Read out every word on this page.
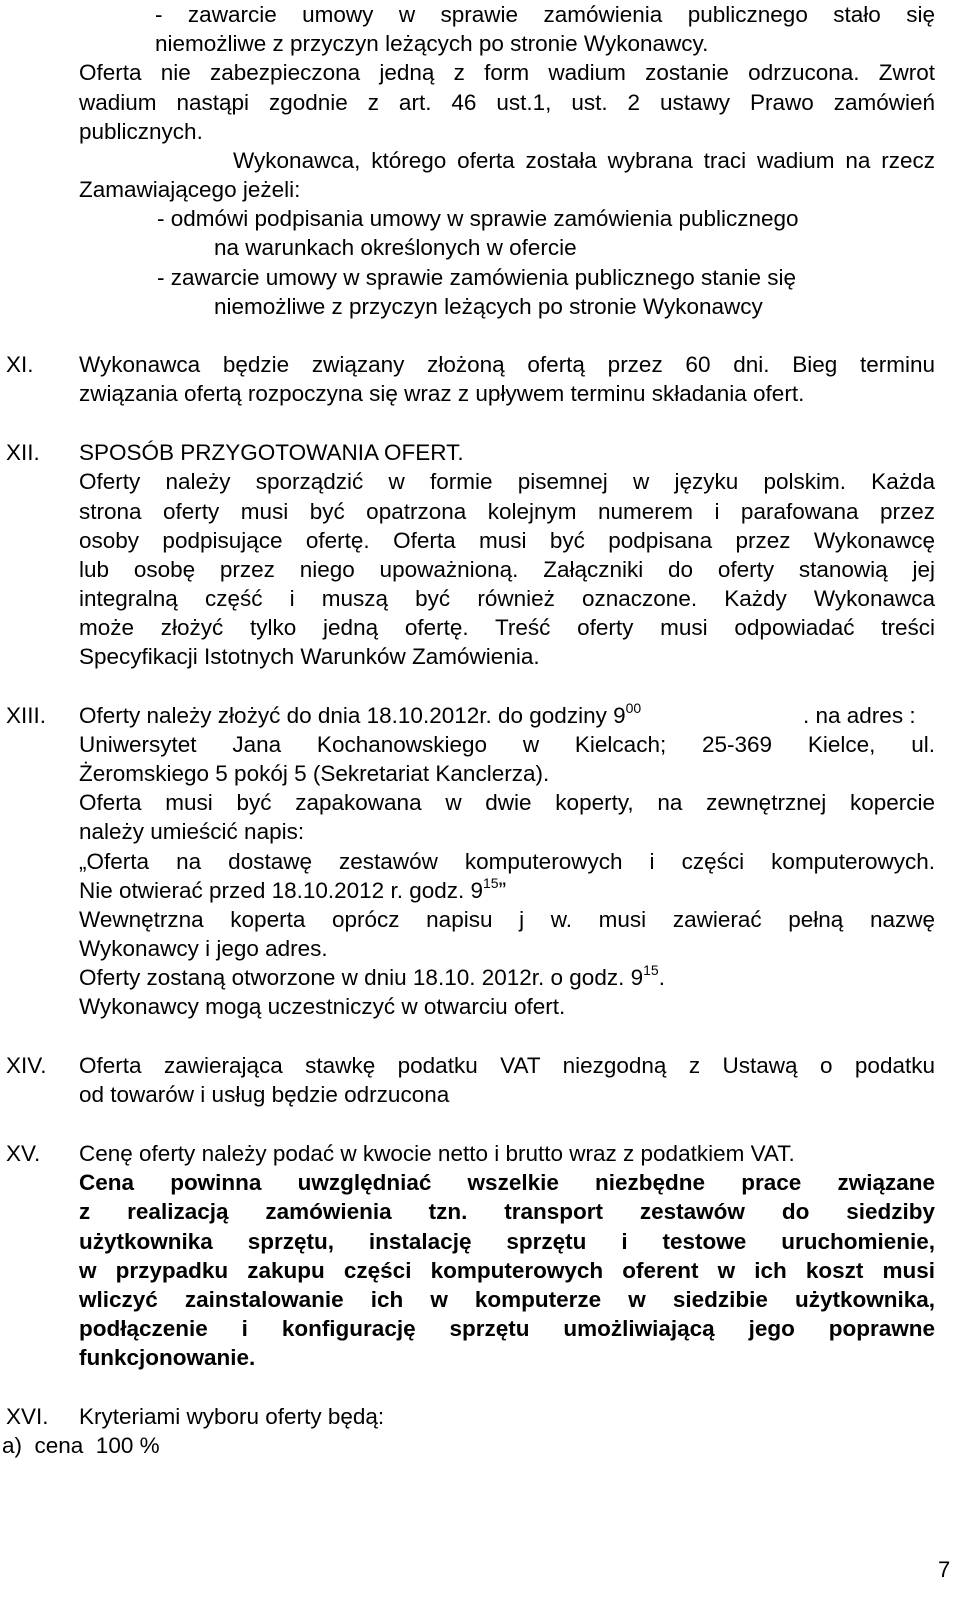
- zawarcie umowy w sprawie zamówienia publicznego stało się
niemożliwe z przyczyn leżących po stronie Wykonawcy.
Oferta nie zabezpieczona jedną z form wadium zostanie odrzucona. Zwrot
wadium nastąpi zgodnie z art. 46 ust.1, ust. 2 ustawy Prawo zamówień
publicznych.
Wykonawca, którego oferta została wybrana traci wadium na rzecz
Zamawiającego jeżeli:
- odmówi podpisania umowy w sprawie zamówienia publicznego
na warunkach określonych w ofercie
- zawarcie umowy w sprawie zamówienia publicznego stanie się
niemożliwe z przyczyn leżących po stronie Wykonawcy
XI. Wykonawca będzie związany złożoną ofertą przez 60 dni. Bieg terminu
związania ofertą rozpoczyna się wraz z upływem terminu składania ofert.
XII. SPOSÓB PRZYGOTOWANIA OFERT.
Oferty należy sporządzić w formie pisemnej w języku polskim. Każda
strona oferty musi być opatrzona kolejnym numerem i parafowana przez
osoby podpisujące ofertę. Oferta musi być podpisana przez Wykonawcę
lub osobę przez niego upoważnioną. Załączniki do oferty stanowią jej
integralną część i muszą być również oznaczone. Każdy Wykonawca
może złożyć tylko jedną ofertę. Treść oferty musi odpowiadać treści
Specyfikacji Istotnych Warunków Zamówienia.
XIII. Oferty należy złożyć do dnia 18.10.2012r. do godziny $9^{00}$	. na adres :
Uniwersytet Jana Kochanowskiego w Kielcach; 25-369 Kielce, ul.
Żeromskiego 5 pokój 5 (Sekretariat Kanclerza).
Oferta musi być zapakowana w dwie koperty, na zewnętrznej kopercie
należy umieścić napis:
„Oferta na dostawę zestawów komputerowych i części komputerowych.
Nie otwierać przed 18.10.2012 r. godz. $9^{15}$”
Wewnętrzna koperta oprócz napisu j w. musi zawierać pełną nazwę
Wykonawcy i jego adres.
Oferty zostaną otworzone w dniu 18.10. 2012r. o godz. $9^{15}$.
Wykonawcy mogą uczestniczyć w otwarciu ofert.
XIV. Oferta zawierająca stawkę podatku VAT niezgodną z Ustawą o podatku
od towarów i usług będzie odrzucona
XV. Cenę oferty należy podać w kwocie netto i brutto wraz z podatkiem VAT.
Cena powinna uwzględniać wszelkie niezbędne prace związane
z realizacją zamówienia tzn. transport zestawów do siedziby
użytkownika sprzętu, instalację sprzętu i testowe uruchomienie,
w przypadku zakupu części komputerowych oferent w ich koszt musi
wliczyć zainstalowanie ich w komputerze w siedzibie użytkownika,
podłączenie i konfigurację sprzętu umożliwiającą jego poprawne
funkcjonowanie.
XVI. Kryteriami wyboru oferty będą:
a)  cena  100 %
7
